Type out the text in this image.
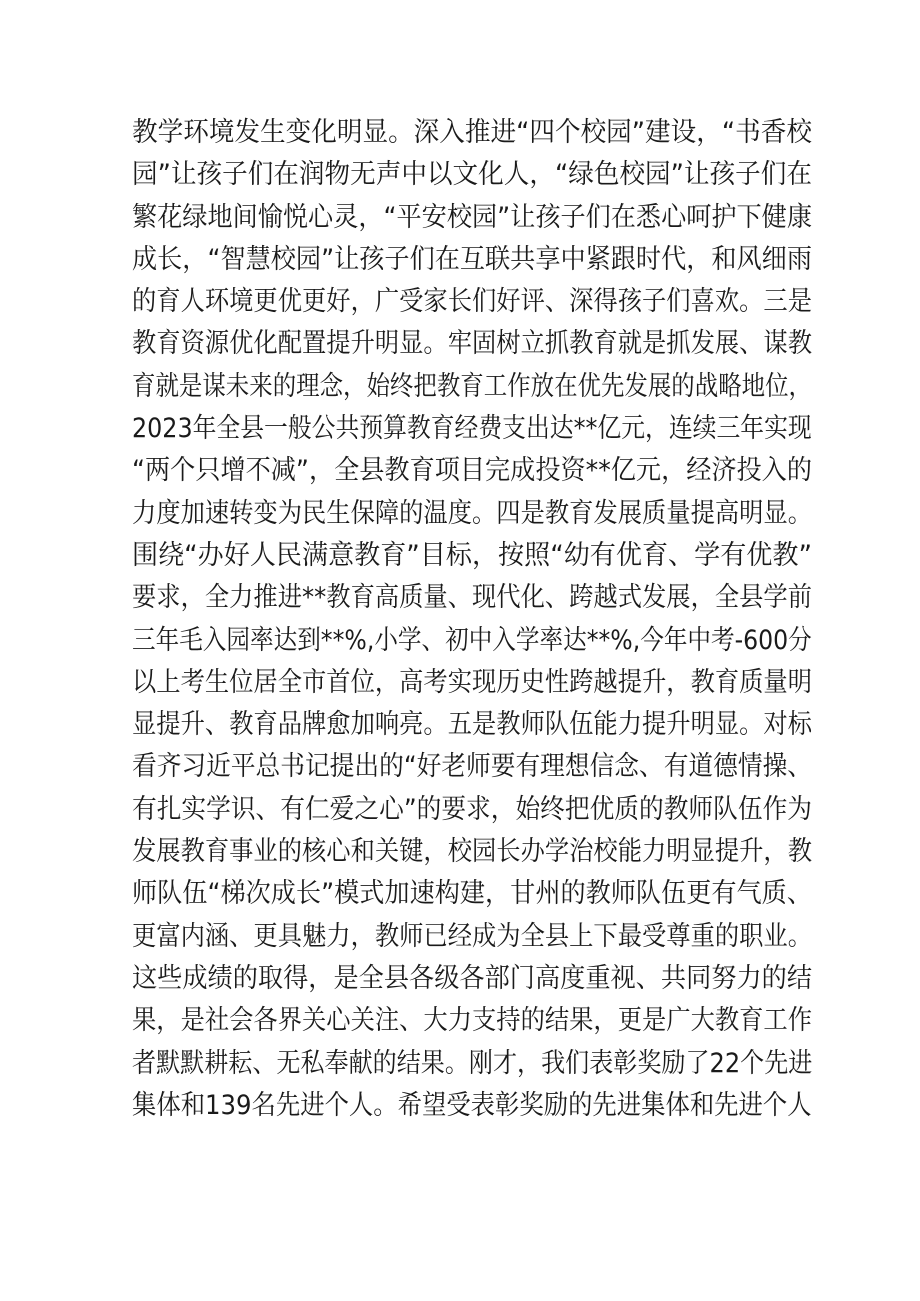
教学环境发生变化明显。深入推进“四个校园”建设，“书香校
园”让孩子们在润物无声中以文化人，“绿色校园”让孩子们在
繁花绿地间愉悦心灵，“平安校园”让孩子们在悉心呵护下健康
成长，“智慧校园”让孩子们在互联共享中紧跟时代，和风细雨
的育人环境更优更好，广受家长们好评、深得孩子们喜欢。三是
教育资源优化配置提升明显。牢固树立抓教育就是抓发展、谋教
育就是谋未来的理念，始终把教育工作放在优先发展的战略地位，
2023年全县一般公共预算教育经费支出达**亿元，连续三年实现
“两个只增不减”，全县教育项目完成投资**亿元，经济投入的
力度加速转变为民生保障的温度。四是教育发展质量提高明显。
围绕“办好人民满意教育”目标，按照“幼有优育、学有优教”
要求，全力推进**教育高质量、现代化、跨越式发展，全县学前
三年毛入园率达到**%,小学、初中入学率达**%,今年中考-600分
以上考生位居全市首位，高考实现历史性跨越提升，教育质量明
显提升、教育品牌愈加响亮。五是教师队伍能力提升明显。对标
看齐习近平总书记提出的“好老师要有理想信念、有道德情操、
有扎实学识、有仁爱之心”的要求，始终把优质的教师队伍作为
发展教育事业的核心和关键，校园长办学治校能力明显提升，教
师队伍“梯次成长”模式加速构建，甘州的教师队伍更有气质、
更富内涵、更具魅力，教师已经成为全县上下最受尊重的职业。
这些成绩的取得，是全县各级各部门高度重视、共同努力的结
果，是社会各界关心关注、大力支持的结果，更是广大教育工作
者默默耕耘、无私奉献的结果。刚才，我们表彰奖励了22个先进
集体和139名先进个人。希望受表彰奖励的先进集体和先进个人
